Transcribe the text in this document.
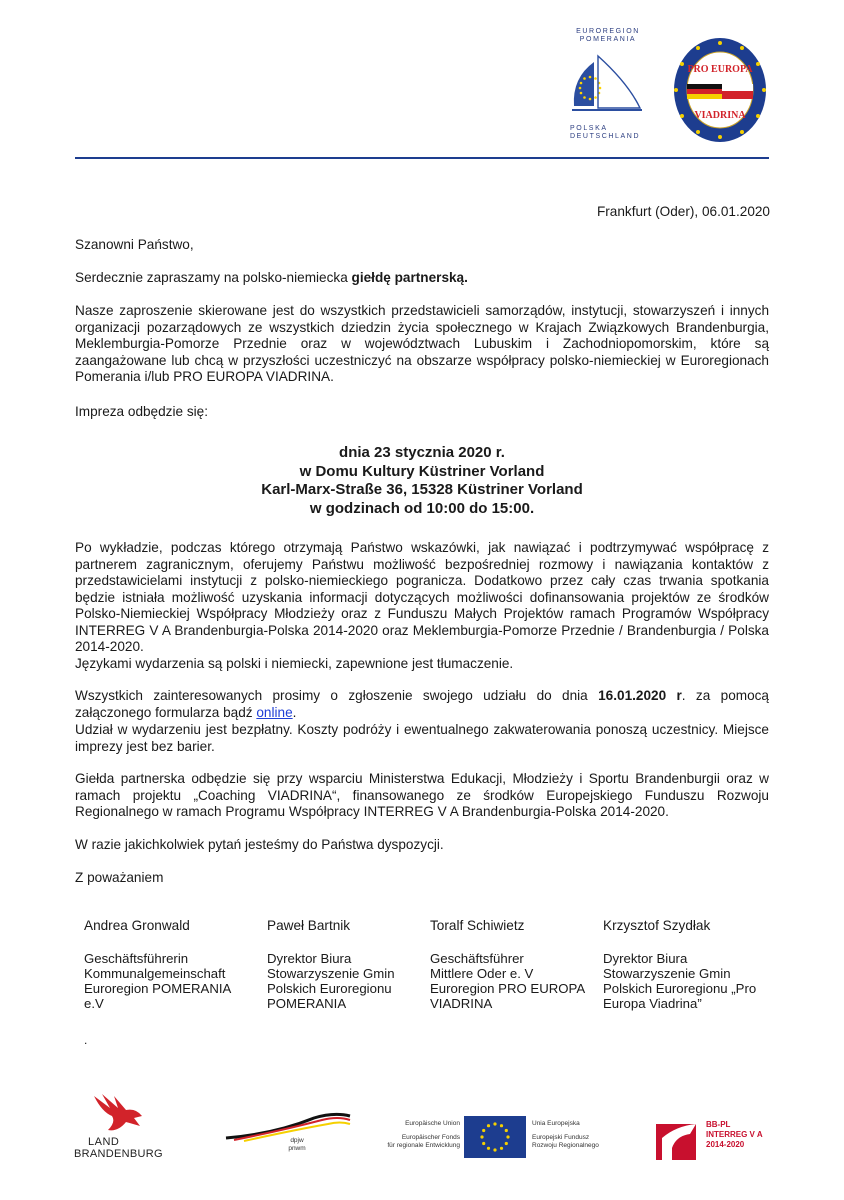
EUROREGION
POMERANIA
POLSKA
DEUTSCHLAND
PRO EUROPA
VIADRINA
Frankfurt (Oder), 06.01.2020
Szanowni Państwo,
Serdecznie zapraszamy na polsko-niemiecka giełdę partnerską.
Nasze zaproszenie skierowane jest do wszystkich przedstawicieli samorządów, instytucji, stowarzyszeń i innych organizacji pozarządowych ze wszystkich dziedzin życia społecznego w Krajach Związkowych Brandenburgia, Meklemburgia-Pomorze Przednie oraz w województwach Lubuskim i Zachodniopomorskim, które są zaangażowane lub chcą w przyszłości uczestniczyć na obszarze współpracy polsko-niemieckiej w Euroregionach Pomerania i/lub PRO EUROPA VIADRINA.
Impreza odbędzie się:
dnia 23 stycznia 2020 r.
w Domu Kultury Küstriner Vorland
Karl-Marx-Straße 36, 15328 Küstriner Vorland
w godzinach od 10:00 do 15:00.
Po wykładzie, podczas którego otrzymają Państwo wskazówki, jak nawiązać i podtrzymywać współpracę z partnerem zagranicznym, oferujemy Państwu możliwość bezpośredniej rozmowy i nawiązania kontaktów z przedstawicielami instytucji z polsko-niemieckiego pogranicza. Dodatkowo przez cały czas trwania spotkania będzie istniała możliwość uzyskania informacji dotyczących możliwości dofinansowania projektów ze środków Polsko-Niemieckiej Współpracy Młodzieży oraz z Funduszu Małych Projektów ramach Programów Współpracy INTERREG V A Brandenburgia-Polska 2014-2020 oraz Meklemburgia-Pomorze Przednie / Brandenburgia / Polska 2014-2020.
Językami wydarzenia są polski i niemiecki, zapewnione jest tłumaczenie.
Wszystkich zainteresowanych prosimy o zgłoszenie swojego udziału do dnia 16.01.2020 r. za pomocą załączonego formularza bądź online.
Udział w wydarzeniu jest bezpłatny. Koszty podróży i ewentualnego zakwaterowania ponoszą uczestnicy. Miejsce imprezy jest bez barier.
Giełda partnerska odbędzie się przy wsparciu Ministerstwa Edukacji, Młodzieży i Sportu Brandenburgii oraz w ramach projektu „Coaching VIADRINA“, finansowanego ze środków Europejskiego Funduszu Rozwoju Regionalnego w ramach Programu Współpracy INTERREG V A Brandenburgia-Polska 2014-2020.
W razie jakichkolwiek pytań jesteśmy do Państwa dyspozycji.
Z poważaniem
Andrea Gronwald
Geschäftsführerin
Kommunalgemeinschaft
Euroregion POMERANIA e.V
Paweł Bartnik
Dyrektor Biura
Stowarzyszenie Gmin
Polskich Euroregionu
POMERANIA
Toralf Schiwietz
Geschäftsführer
Mittlere Oder e. V
Euroregion PRO EUROPA
VIADRINA
Krzysztof Szydłak
Dyrektor Biura
Stowarzyszenie Gmin
Polskich Euroregionu „Pro
Europa Viadrina”
.
LAND
BRANDENBURG
dpjw
pnwm
Europäische Union
Europäischer Fonds
für regionale Entwicklung
Unia Europejska
Europejski Fundusz
Rozwoju Regionalnego
BB-PL
INTERREG V A
2014-2020
